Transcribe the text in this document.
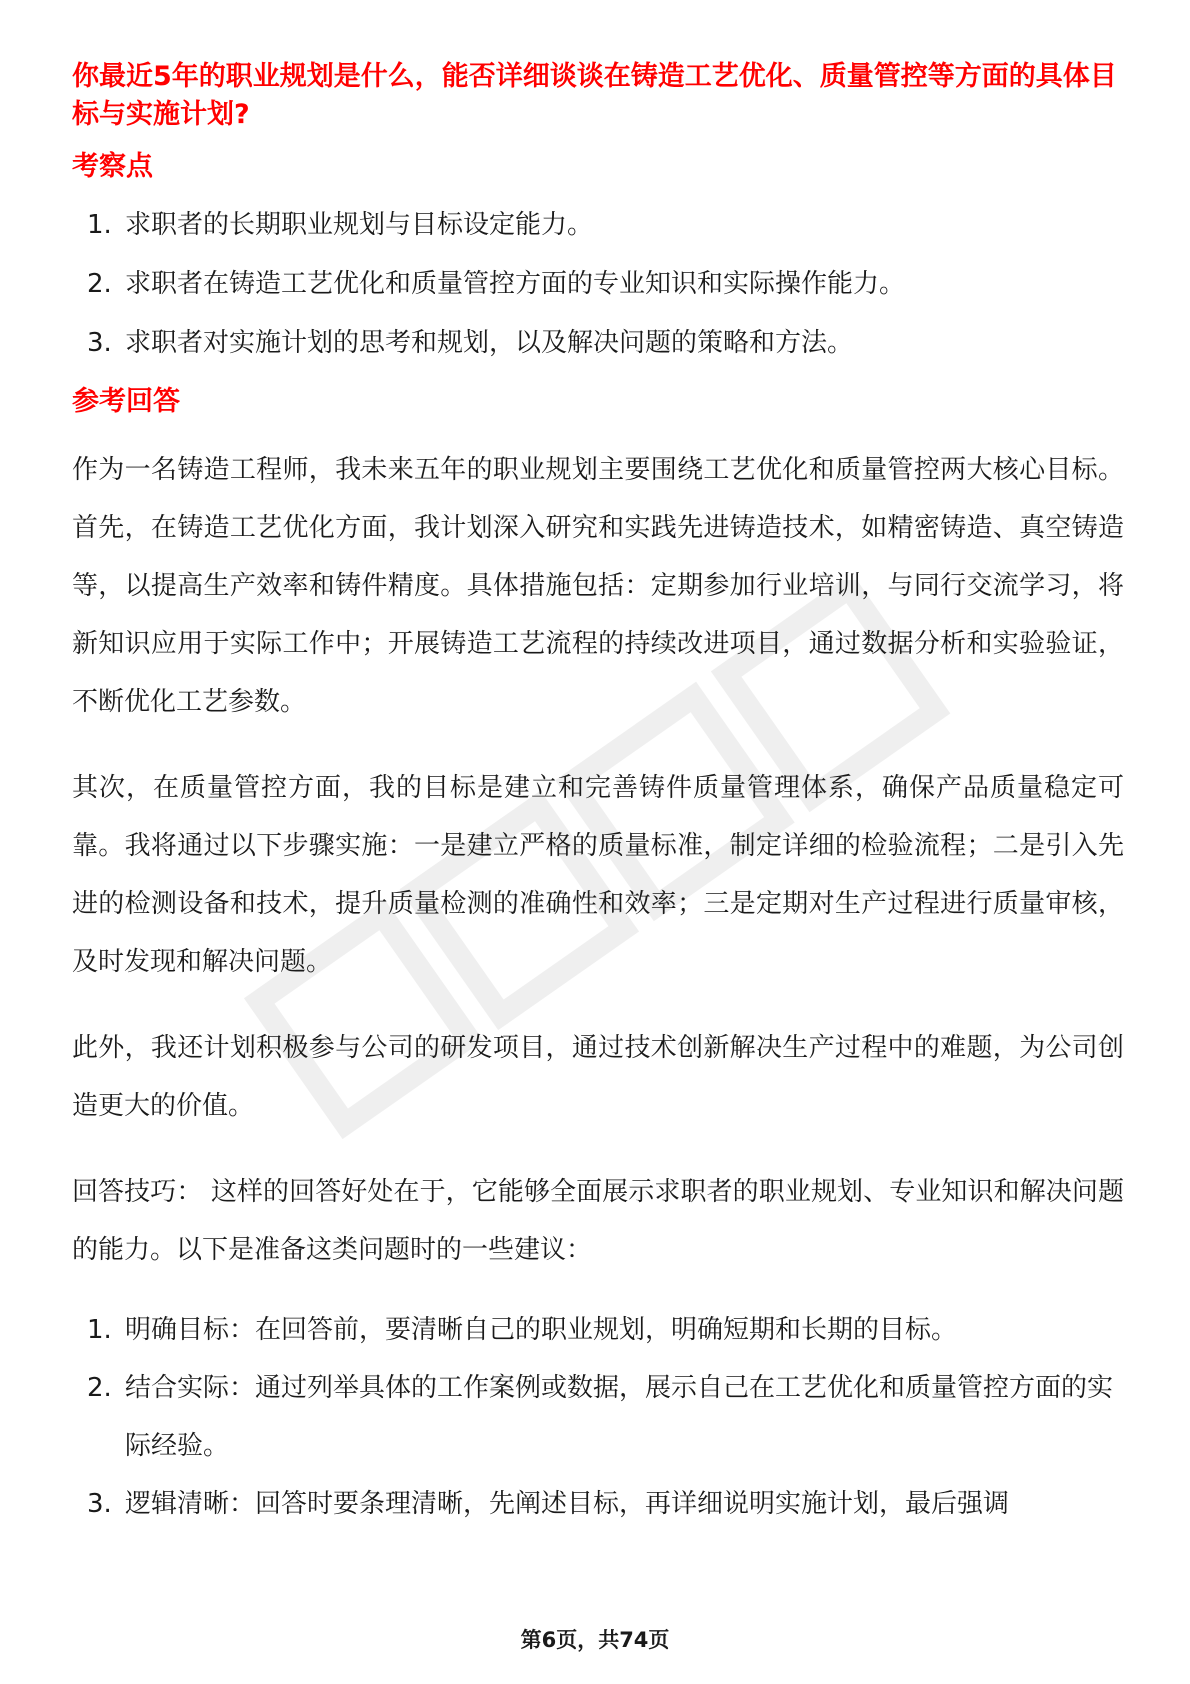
你最近5年的职业规划是什么，能否详细谈谈在铸造工艺优化、质量管控等方面的具体目标与实施计划?

考察点

1. 求职者的长期职业规划与目标设定能力。
2. 求职者在铸造工艺优化和质量管控方面的专业知识和实际操作能力。
3. 求职者对实施计划的思考和规划，以及解决问题的策略和方法。

参考回答

作为一名铸造工程师，我未来五年的职业规划主要围绕工艺优化和质量管控两大核心目标。首先，在铸造工艺优化方面，我计划深入研究和实践先进铸造技术，如精密铸造、真空铸造等，以提高生产效率和铸件精度。具体措施包括：定期参加行业培训，与同行交流学习，将新知识应用于实际工作中；开展铸造工艺流程的持续改进项目，通过数据分析和实验验证，不断优化工艺参数。

其次，在质量管控方面，我的目标是建立和完善铸件质量管理体系，确保产品质量稳定可靠。我将通过以下步骤实施：一是建立严格的质量标准，制定详细的检验流程；二是引入先进的检测设备和技术，提升质量检测的准确性和效率；三是定期对生产过程进行质量审核，及时发现和解决问题。

此外，我还计划积极参与公司的研发项目，通过技术创新解决生产过程中的难题，为公司创造更大的价值。

回答技巧： 这样的回答好处在于，它能够全面展示求职者的职业规划、专业知识和解决问题的能力。以下是准备这类问题时的一些建议：

1. 明确目标：在回答前，要清晰自己的职业规划，明确短期和长期的目标。
2. 结合实际：通过列举具体的工作案例或数据，展示自己在工艺优化和质量管控方面的实际经验。
3. 逻辑清晰：回答时要条理清晰，先阐述目标，再详细说明实施计划，最后强调
第6页，共74页
